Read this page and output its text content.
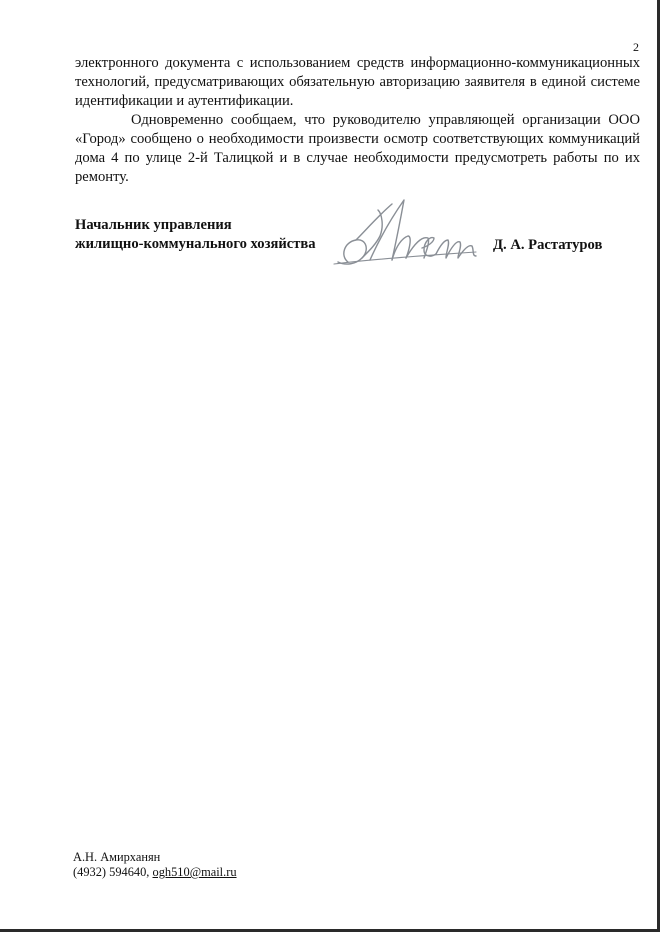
2

электронного документа с использованием средств информационно-коммуникационных технологий, предусматривающих обязательную авторизацию заявителя в единой системе идентификации и аутентификации.

Одновременно сообщаем, что руководителю управляющей организации ООО «Город» сообщено о необходимости произвести осмотр соответствующих коммуникаций дома 4 по улице 2-й Талицкой и в случае необходимости предусмотреть работы по их ремонту.

Начальник управления
жилищно-коммунального хозяйства	Д. А. Растатуров
А.Н. Амирханян
(4932) 594640, ogh510@mail.ru
